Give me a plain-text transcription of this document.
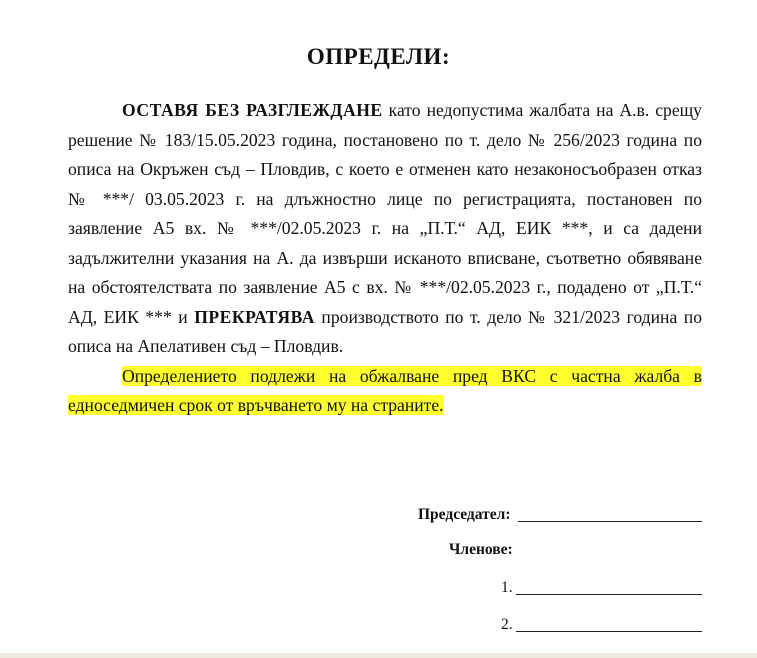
ОПРЕДЕЛИ:

ОСТАВЯ БЕЗ РАЗГЛЕЖДАНЕ като недопустима жалбата на А.в. срещу решение № 183/15.05.2023 година, постановено по т. дело № 256/2023 година по описа на Окръжен съд – Пловдив, с което е отменен като незаконосъобразен отказ № ***/ 03.05.2023 г. на длъжностно лице по регистрацията, постановен по заявление А5 вх. № ***/02.05.2023 г. на „П.Т.“ АД, ЕИК ***, и са дадени задължителни указания на А. да извърши исканото вписване, съответно обявяване на обстоятелствата по заявление А5 с вх. № ***/02.05.2023 г., подадено от „П.Т.“ АД, ЕИК *** и ПРЕКРАТЯВА производството по т. дело № 321/2023 година по описа на Апелативен съд – Пловдив.

Определението подлежи на обжалване пред ВКС с частна жалба в едноседмичен срок от връчването му на страните.

Председател:
Членове:
1.
2.
